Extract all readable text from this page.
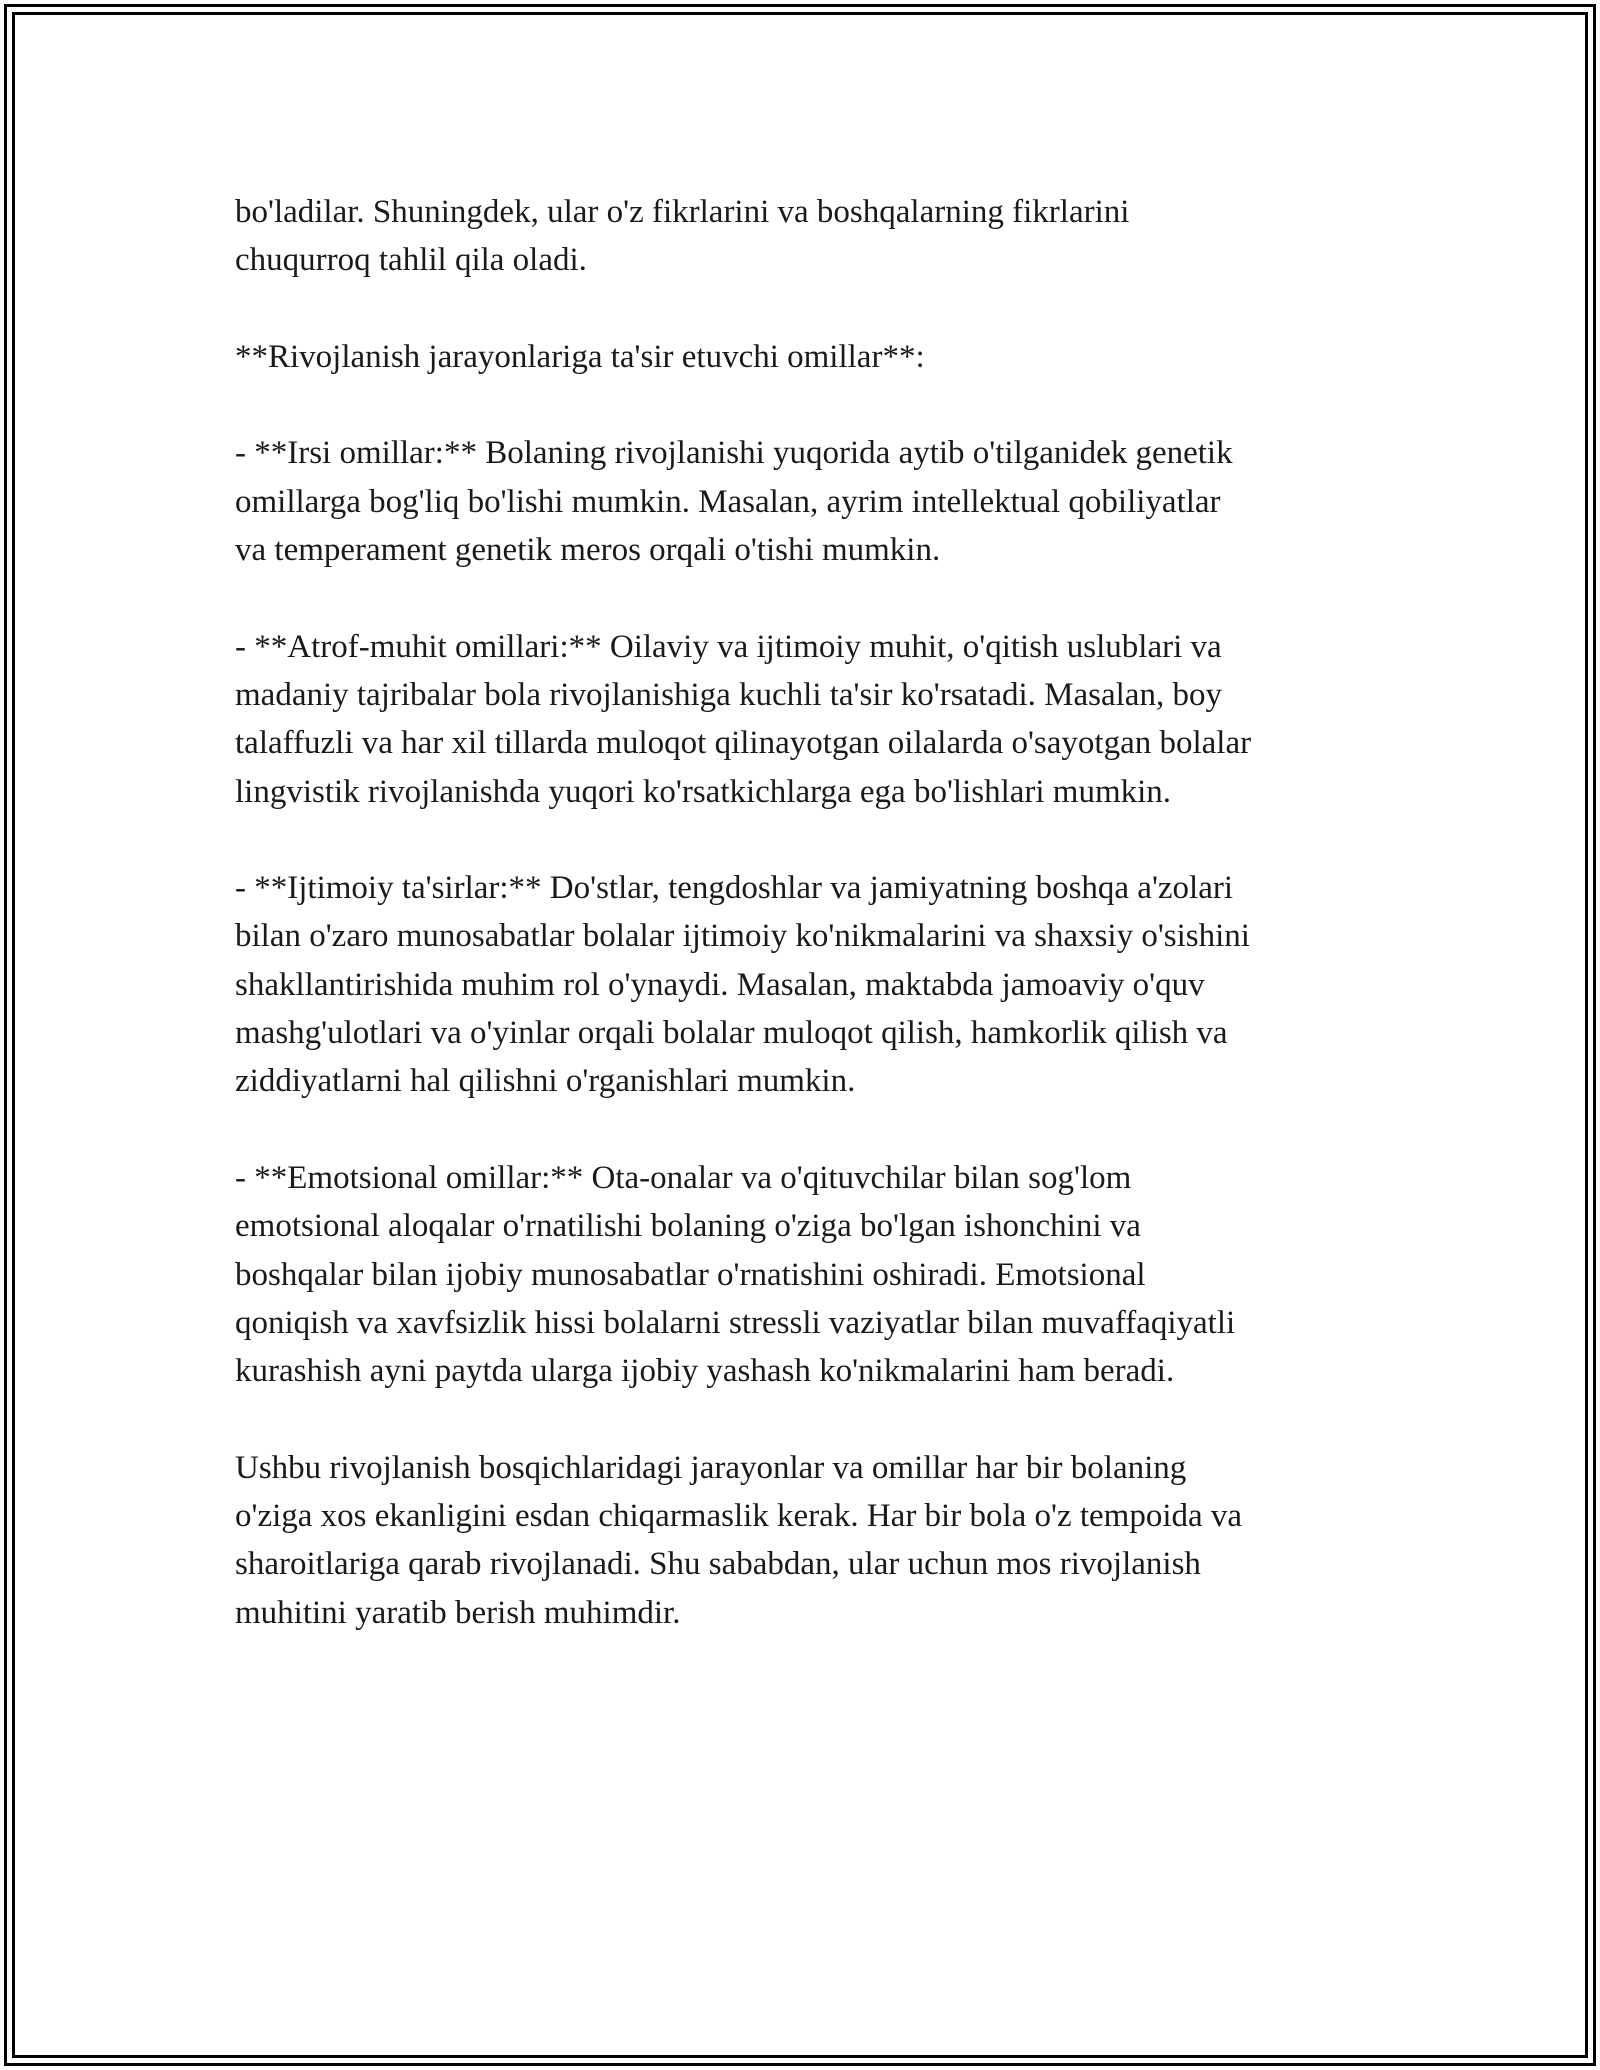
bo'ladilar. Shuningdek, ular o'z fikrlarini va boshqalarning fikrlarini
chuqurroq tahlil qila oladi.

**Rivojlanish jarayonlariga ta'sir etuvchi omillar**:

- **Irsi omillar:** Bolaning rivojlanishi yuqorida aytib o'tilganidek genetik
omillarga bog'liq bo'lishi mumkin. Masalan, ayrim intellektual qobiliyatlar
va temperament genetik meros orqali o'tishi mumkin.

- **Atrof-muhit omillari:** Oilaviy va ijtimoiy muhit, o'qitish uslublari va
madaniy tajribalar bola rivojlanishiga kuchli ta'sir ko'rsatadi. Masalan, boy
talaffuzli va har xil tillarda muloqot qilinayotgan oilalarda o'sayotgan bolalar
lingvistik rivojlanishda yuqori ko'rsatkichlarga ega bo'lishlari mumkin.

- **Ijtimoiy ta'sirlar:** Do'stlar, tengdoshlar va jamiyatning boshqa a'zolari
bilan o'zaro munosabatlar bolalar ijtimoiy ko'nikmalarini va shaxsiy o'sishini
shakllantirishida muhim rol o'ynaydi. Masalan, maktabda jamoaviy o'quv
mashg'ulotlari va o'yinlar orqali bolalar muloqot qilish, hamkorlik qilish va
ziddiyatlarni hal qilishni o'rganishlari mumkin.

- **Emotsional omillar:** Ota-onalar va o'qituvchilar bilan sog'lom
emotsional aloqalar o'rnatilishi bolaning o'ziga bo'lgan ishonchini va
boshqalar bilan ijobiy munosabatlar o'rnatishini oshiradi. Emotsional
qoniqish va xavfsizlik hissi bolalarni stressli vaziyatlar bilan muvaffaqiyatli
kurashish ayni paytda ularga ijobiy yashash ko'nikmalarini ham beradi.

Ushbu rivojlanish bosqichlaridagi jarayonlar va omillar har bir bolaning
o'ziga xos ekanligini esdan chiqarmaslik kerak. Har bir bola o'z tempoida va
sharoitlariga qarab rivojlanadi. Shu sababdan, ular uchun mos rivojlanish
muhitini yaratib berish muhimdir.
